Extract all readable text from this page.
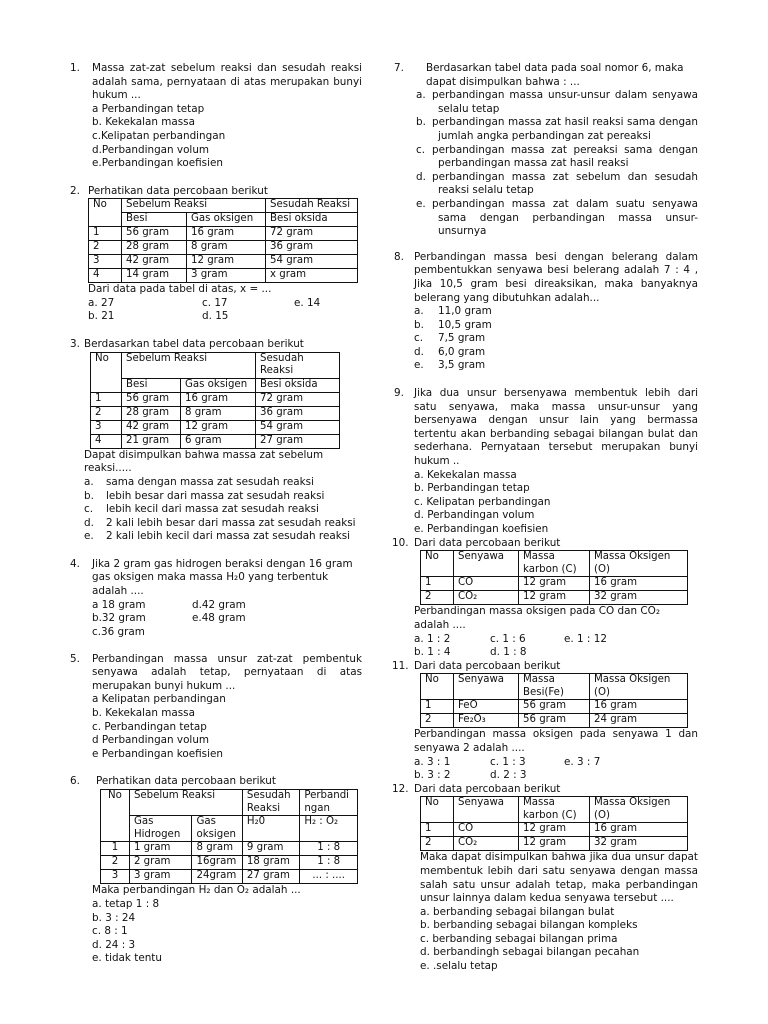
1. Massa zat-zat sebelum reaksi dan sesudah reaksi adalah sama, pernyataan di atas merupakan bunyi hukum ...

a Perbandingan tetap

b. Kekekalan massa

c.Kelipatan perbandingan

d.Perbandingan volum

e.Perbandingan koefisien

2. Perhatikan data percobaan berikut

No	Sebelum Reaksi		Sesudah Reaksi
	Besi	Gas oksigen	Besi oksida
1	56 gram	16 gram	72 gram
2	28 gram	8 gram	36 gram
3	42 gram	12 gram	54 gram
4	14 gram	3 gram	x gram

Dari data pada tabel di atas, x = ...

a. 27	c. 17	e. 14
b. 21	d. 15
3. Berdasarkan tabel data percobaan berikut

No	Sebelum Reaksi		Sesudah Reaksi
	Besi	Gas oksigen	Besi oksida
1	56 gram	16 gram	72 gram
2	28 gram	8 gram	36 gram
3	42 gram	12 gram	54 gram
4	21 gram	6 gram	27 gram

Dapat disimpulkan bahwa massa zat sebelum reaksi.....

a. sama dengan massa zat sesudah reaksi

b. lebih besar dari massa zat sesudah reaksi

c. lebih kecil dari massa zat sesudah reaksi

d. 2 kali lebih besar dari massa zat sesudah reaksi

e. 2 kali lebih kecil dari massa zat sesudah reaksi

4. Jika 2 gram gas hidrogen beraksi dengan 16 gram gas oksigen maka massa H₂0 yang terbentuk adalah ....

a 18 gram	d.42 gram
b.32 gram	e.48 gram
c.36 gram
5. Perbandingan massa unsur zat-zat pembentuk senyawa adalah tetap, pernyataan di atas merupakan bunyi hukum ...

a Kelipatan perbandingan

b. Kekekalan massa

c. Perbandingan tetap

d Perbandingan volum

e Perbandingan koefisien

6. Perhatikan data percobaan berikut

No	Sebelum Reaksi		Sesudah Reaksi	Perbandi ngan
	Gas Hidrogen	Gas oksigen	H₂0	H₂ : O₂
1	1 gram	8 gram	9 gram	1 : 8
2	2 gram	16gram	18 gram	1 : 8
3	3 gram	24gram	27 gram	... : ....

Maka perbandingan H₂ dan O₂ adalah ...

a. tetap 1 : 8

b. 3 : 24

c. 8 : 1

d. 24 : 3

e. tidak tentu

7.	Berdasarkan tabel data pada soal nomor 6, maka dapat disimpulkan bahwa : ...

a. perbandingan massa unsur-unsur dalam senyawa selalu tetap

b. perbandingan massa zat hasil reaksi sama dengan jumlah angka perbandingan zat pereaksi

c. perbandingan massa zat pereaksi sama dengan perbandingan massa zat hasil reaksi

d. perbandingan massa zat sebelum dan sesudah reaksi selalu tetap

e. perbandingan massa zat dalam suatu senyawa sama dengan perbandingan massa unsur-unsurnya

8. Perbandingan massa besi dengan belerang dalam pembentukkan senyawa besi belerang adalah 7 : 4 , Jika 10,5 gram besi direaksikan, maka banyaknya belerang yang dibutuhkan adalah...

a. 11,0 gram

b. 10,5 gram

c. 7,5 gram

d. 6,0 gram

e. 3,5 gram

9. Jika dua unsur bersenyawa membentuk lebih dari satu senyawa, maka massa unsur-unsur yang bersenyawa dengan unsur lain yang bermassa tertentu akan berbanding sebagai bilangan bulat dan sederhana. Pernyataan tersebut merupakan bunyi hukum ..

a. Kekekalan massa

b. Perbandingan tetap

c. Kelipatan perbandingan

d. Perbandingan volum

e. Perbandingan koefisien

10. Dari data percobaan berikut

No	Senyawa	Massa karbon (C)	Massa Oksigen (O)
1	CO	12 gram	16 gram
2	CO₂	12 gram	32 gram

Perbandingan massa oksigen pada CO dan CO₂ adalah ....

a. 1 : 2	c. 1 : 6	e. 1 : 12
b. 1 : 4	d. 1 : 8
11. Dari data percobaan berikut

No	Senyawa	Massa Besi(Fe)	Massa Oksigen (O)
1	FeO	56 gram	16 gram
2	Fe₂O₃	56 gram	24 gram

Perbandingan massa oksigen pada senyawa 1 dan senyawa 2 adalah ....

a. 3 : 1	c. 1 : 3	e. 3 : 7
b. 3 : 2	d. 2 : 3
12. Dari data percobaan berikut

No	Senyawa	Massa karbon (C)	Massa Oksigen (O)
1	CO	12 gram	16 gram
2	CO₂	12 gram	32 gram

Maka dapat disimpulkan bahwa jika dua unsur dapat membentuk lebih dari satu senyawa dengan massa salah satu unsur adalah tetap, maka perbandingan unsur lainnya dalam kedua senyawa tersebut ....

a. berbanding sebagai bilangan bulat

b. berbanding sebagai bilangan kompleks

c. berbanding sebagai bilangan prima

d. berbandingh sebagai bilangan pecahan

e. .selalu tetap
